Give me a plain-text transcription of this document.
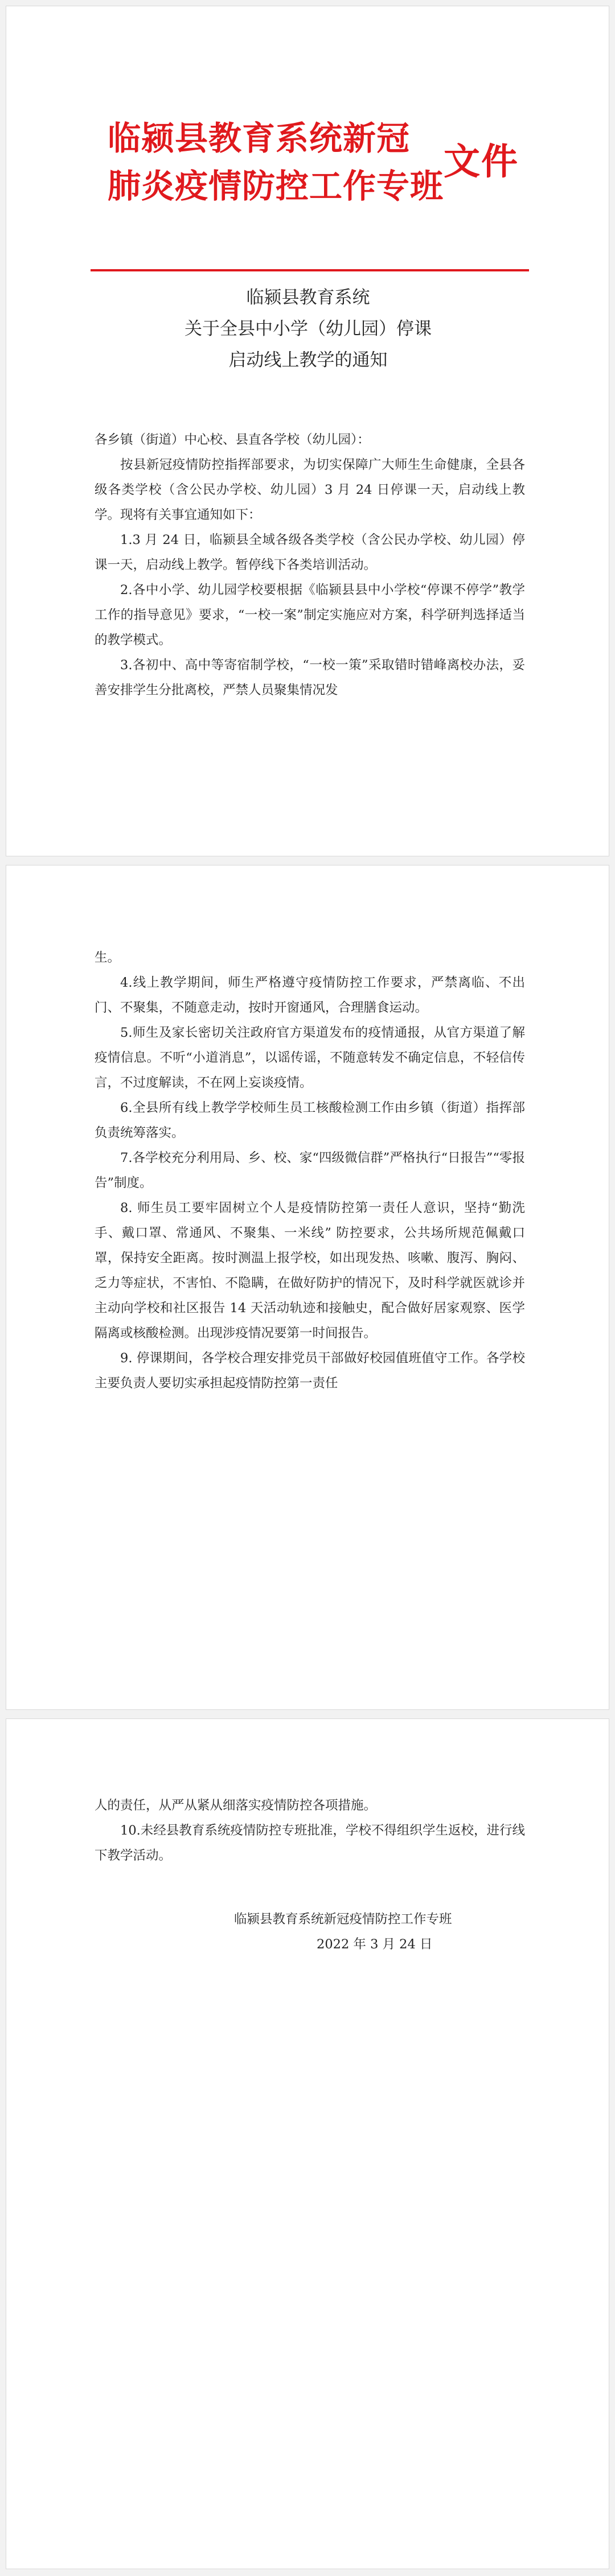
临颍县教育系统新冠
肺炎疫情防控工作专班
文件
临颍县教育系统
关于全县中小学（幼儿园）停课
启动线上教学的通知

各乡镇（街道）中心校、县直各学校（幼儿园）：

按县新冠疫情防控指挥部要求，为切实保障广大师生生命健康，全县各级各类学校（含公民办学校、幼儿园）3 月 24 日停课一天，启动线上教学。现将有关事宜通知如下：

1.3 月 24 日，临颍县全域各级各类学校（含公民办学校、幼儿园）停课一天，启动线上教学。暂停线下各类培训活动。

2.各中小学、幼儿园学校要根据《临颍县县中小学校“停课不停学”教学工作的指导意见》要求，“一校一案”制定实施应对方案，科学研判选择适当的教学模式。

3.各初中、高中等寄宿制学校，“一校一策”采取错时错峰离校办法，妥善安排学生分批离校，严禁人员聚集情况发

生。

4.线上教学期间，师生严格遵守疫情防控工作要求，严禁离临、不出门、不聚集，不随意走动，按时开窗通风，合理膳食运动。

5.师生及家长密切关注政府官方渠道发布的疫情通报，从官方渠道了解疫情信息。不听“小道消息”，以谣传谣，不随意转发不确定信息，不轻信传言，不过度解读，不在网上妄谈疫情。

6.全县所有线上教学学校师生员工核酸检测工作由乡镇（街道）指挥部负责统筹落实。

7.各学校充分利用局、乡、校、家“四级微信群”严格执行“日报告”“零报告”制度。

8. 师生员工要牢固树立个人是疫情防控第一责任人意识，坚持“勤洗手、戴口罩、常通风、不聚集、一米线” 防控要求，公共场所规范佩戴口罩，保持安全距离。按时测温上报学校，如出现发热、咳嗽、腹泻、胸闷、乏力等症状，不害怕、不隐瞒，在做好防护的情况下，及时科学就医就诊并主动向学校和社区报告 14 天活动轨迹和接触史，配合做好居家观察、医学隔离或核酸检测。出现涉疫情况要第一时间报告。

9. 停课期间，各学校合理安排党员干部做好校园值班值守工作。各学校主要负责人要切实承担起疫情防控第一责任

人的责任，从严从紧从细落实疫情防控各项措施。

10.未经县教育系统疫情防控专班批准，学校不得组织学生返校，进行线下教学活动。

临颍县教育系统新冠疫情防控工作专班
2022 年 3 月 24 日
